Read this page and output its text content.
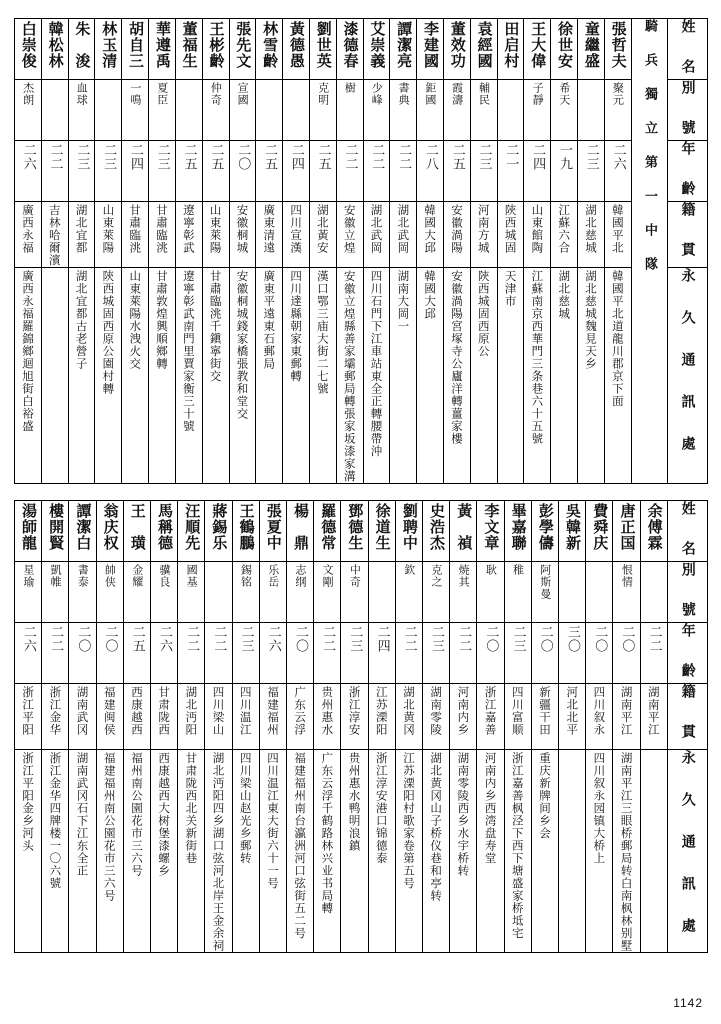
白崇俊	韓松林	朱　浚	林玉清	胡自三	華遵禹	董福生	王彬齡	張先文	林雪齡	黃德愚	劉世英	漆德春	艾崇義	譚潔亮	李建國	董效功	袁經國	田启村	王大偉	徐世安	童繼盛	張哲夫	騎 兵 獨 立 第 一 中 隊	姓　名

杰朗		血球		一鳴	夏臣		仲奇	宣國			克明	樹	少峰	書典	鉅國	霞濤	輔民		子靜	希天		聚元		別　號

二六	二二	二三	二三	二四	二三	二五	二五	二〇	二五	二四	二五	二二	二二	二二	二八	二五	二三	二一	二四	一九	二三	二六		年　齡

廣西永福	吉林哈爾濱	湖北宜都	山東萊陽	甘肅臨洮	甘肅臨洮	遼寧彰武	山東萊陽	安徽桐城	廣東清遠	四川宣漢	湖北黃安	安徽立煌	湖北武岡	湖北武岡	韓國大邱	安徽渦陽	河南方城	陝西城固	山東館陶	江蘇六合	湖北慈城	韓國平北		籍　貫

廣西永福羅錦鄉迴旭街白裕盛		湖北宜都古老營子	陝西城固西原公園村轉	山東萊陽水洩火交	甘肅敦煌興順鄉轉	遼寧彰武南門里賈家衡三十號	甘肅臨洮千鎭寧街交	安徽桐城錢家橋張教和堂交	廣東平遠東石郵局	四川達縣朝家東郵轉	漢口鄂三庙大街二七號	安徽立煌縣善家壩郵局轉張家坂漆家溝	四川石門下江車站東全正轉腰帶沖	湖南大岡一	韓國大邱	安徽渦陽宮塚寺公廬洋轉薑家樓	陝西城固西原公	天津市	江蘇南京西華門三条巷六十五號	湖北慈城	湖北慈城魏見天乡	韓國平北道龍川郡京下面		永 久 通 訊 處
湯師龍	樓開賢	譚潔白	翁庆权	王　璜	馬稱德	汪順先	蔣錫乐	王鶴鵬	張夏中	楊　鼎	羅德常	鄧德生	徐道生	劉聘中	史浩杰	黃　禎	李文章	畢嘉聯	彭學儔	吳韓新	費舜庆	唐正国	余傅霖	姓　名

星瑜	凱帷	書泰	帥侠	金耀	骥良	國基		錫铭	乐岳	志纲	文剛	中奇		欽	克之	焼其	耿	稚	阿斯曼			恨情		別　號

二六	二二	二〇	二〇	二五	二六	二二	二二	二三	二六	二〇	二二	二三	二四	二二	二三	二二	二〇	二三	二〇	三〇	二〇	二〇	二二	年　齡

浙江平阳	浙江金华	湖南武冈	福建闽侯	西康越西	甘肃陇西	湖北沔阳	四川梁山	四川温江	福建福州	广东云浮	贵州惠水	浙江淳安	江苏溧阳	湖北黄冈	湖南零陵	河南内乡	浙江嘉善	四川富顺	新疆干田	河北北平	四川叙永	湖南平江	湖南平江	籍　貫

浙江平阳金乡河头	浙江金华四牌楼一〇六號	湖南武冈石下江东全正	福建福州南公園花市三六号	福州南公園花市三六号	西康越西大树堡漆螺乡	甘肃陇西北关新街巷	湖北沔阳四乡湖口弦河北岸王金余祠	四川梁山赵光乡郵转	四川温江東大街六十一号	福建福州南台瀛洲河口弦街五二号	广东云浮千鹤路林兴业书局轉	贵州惠水鸭明浪鎮	浙江淳安港口锦德泰	江苏溧阳村歌家卷第五号	湖北黄冈山子桥仪巷和亭转	湖南零陵西乡水宇桥转	河南内乡西湾盘寿堂	浙江嘉善枫泾下西下塘盛家桥坻宅	重庆新牌间乡会		四川叙永园镇大桥上	湖南平江三眼桥郵局转白南枫林别墅		永 久 通 訊 處
1142
